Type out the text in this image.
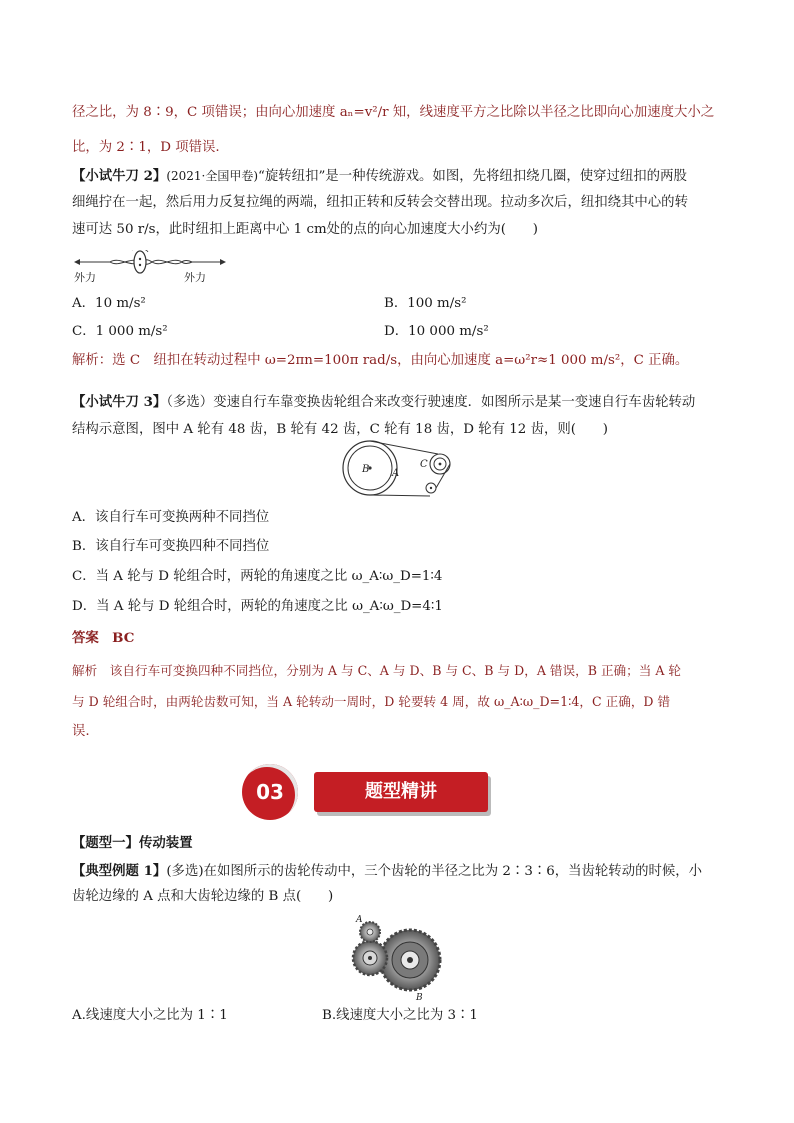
径之比，为 8∶9，C 项错误；由向心加速度 aₙ=v²/r 知，线速度平方之比除以半径之比即向心加速度大小之
比，为 2∶1，D 项错误.
【小试牛刀 2】(2021·全国甲卷)“旋转纽扣”是一种传统游戏。如图，先将纽扣绕几圈，使穿过纽扣的两股
细绳拧在一起，然后用力反复拉绳的两端，纽扣正转和反转会交替出现。拉动多次后，纽扣绕其中心的转
速可达 50 r/s，此时纽扣上距离中心 1 cm处的点的向心加速度大小约为(　　)
外力	外力
A．10 m/s²	B．100 m/s²
C．1 000 m/s²	D．10 000 m/s²
解析：选 C　纽扣在转动过程中 ω=2πn=100π rad/s，由向心加速度 a=ω²r≈1 000 m/s²，C 正确。
【小试牛刀 3】（多选）变速自行车靠变换齿轮组合来改变行驶速度．如图所示是某一变速自行车齿轮转动
结构示意图，图中 A 轮有 48 齿，B 轮有 42 齿，C 轮有 18 齿，D 轮有 12 齿，则(　　)
B A
C
A．该自行车可变换两种不同挡位
B．该自行车可变换四种不同挡位
C．当 A 轮与 D 轮组合时，两轮的角速度之比 ω_A∶ω_D=1∶4
D．当 A 轮与 D 轮组合时，两轮的角速度之比 ω_A∶ω_D=4∶1
答案　BC
解析　该自行车可变换四种不同挡位，分别为 A 与 C、A 与 D、B 与 C、B 与 D，A 错误，B 正确；当 A 轮
与 D 轮组合时，由两轮齿数可知，当 A 轮转动一周时，D 轮要转 4 周，故 ω_A∶ω_D=1∶4，C 正确，D 错
误.
03	题型精讲
【题型一】传动装置
【典型例题 1】(多选)在如图所示的齿轮传动中，三个齿轮的半径之比为 2∶3∶6，当齿轮转动的时候，小
齿轮边缘的 A 点和大齿轮边缘的 B 点(　　)
A
B
A.线速度大小之比为 1∶1	B.线速度大小之比为 3∶1
